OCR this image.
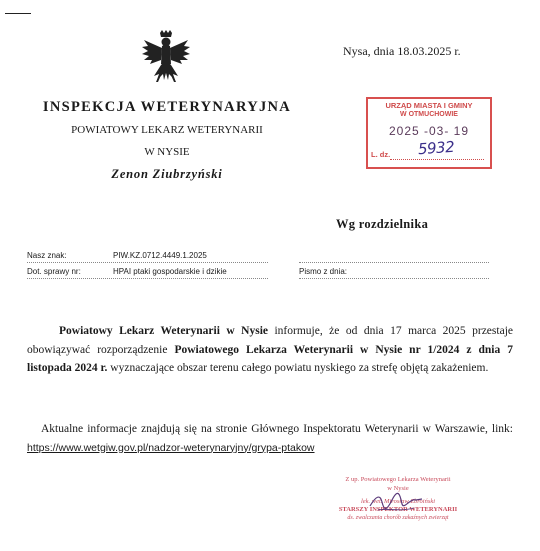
Nysa, dnia 18.03.2025 r.
INSPEKCJA WETERYNARYJNA
POWIATOWY LEKARZ WETERYNARII
W NYSIE
Zenon Ziubrzyński
URZĄD MIASTA I GMINY
W OTMUCHOWIE
2025 -03- 19
L. dz. 5932
Wg rozdzielnika
Nasz znak:	PIW.KZ.0712.4449.1.2025
Dot. sprawy nr:	HPAI ptaki gospodarskie i dzikie	Pismo z dnia:
Powiatowy Lekarz Weterynarii w Nysie informuje, że od dnia 17 marca 2025 przestaje obowiązywać rozporządzenie Powiatowego Lekarza Weterynarii w Nysie nr 1/2024 z dnia 7 listopada 2024 r. wyznaczające obszar terenu całego powiatu nyskiego za strefę objętą zakażeniem.
Aktualne informacje znajdują się na stronie Głównego Inspektoratu Weterynarii w Warszawie, link: https://www.wetgiw.gov.pl/nadzor-weterynaryjny/grypa-ptakow
Z up. Powiatowego Lekarza Weterynarii
w Nysie
lek. wet. Mirosław Zbroiński
STARSZY INSPEKTOR WETERYNARII
ds. zwalczania chorób zakaźnych zwierząt
